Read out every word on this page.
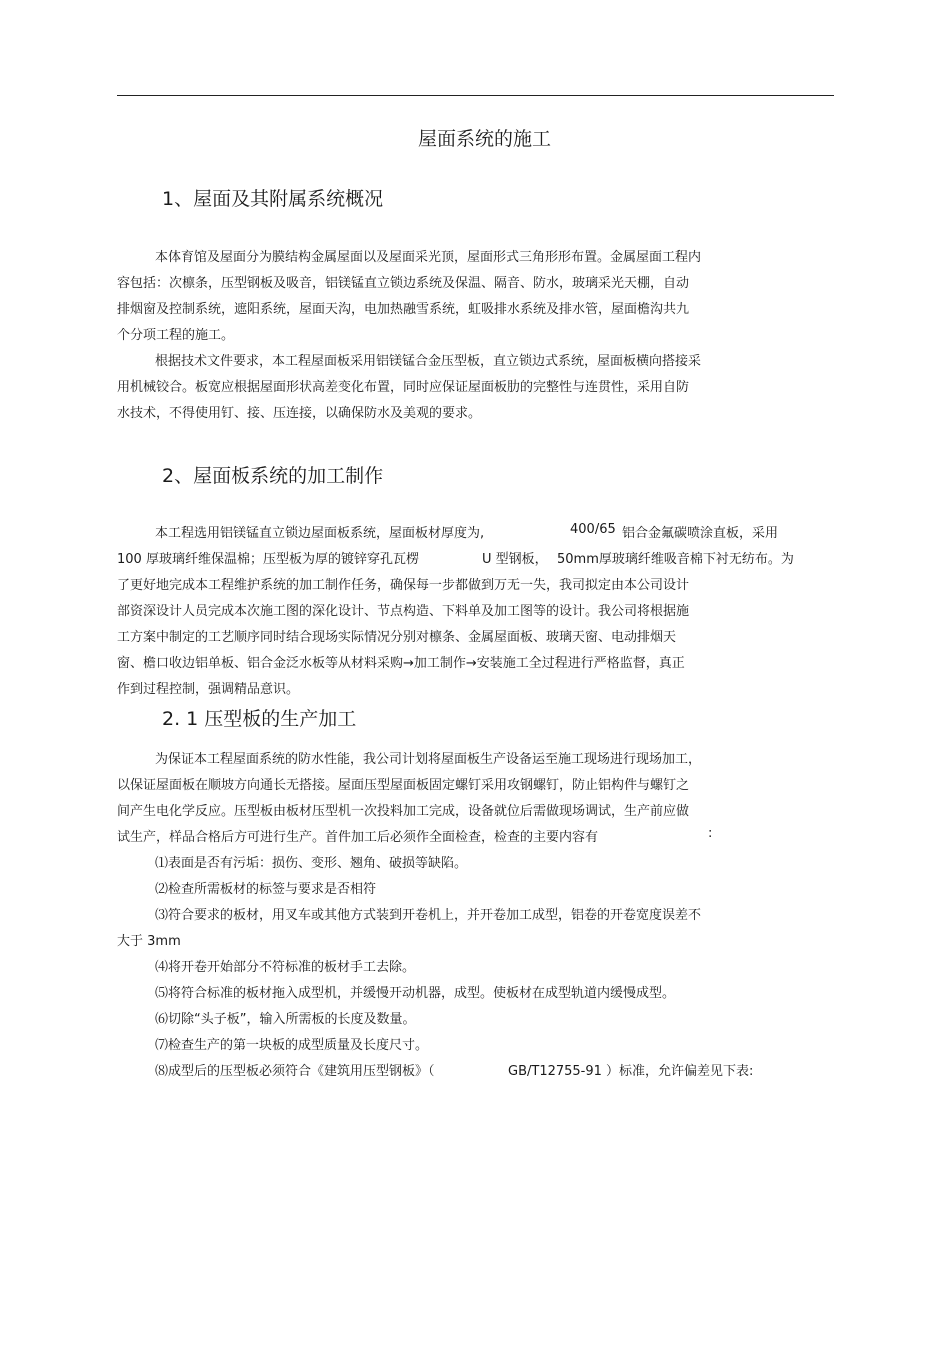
屋面系统的施工
1、屋面及其附属系统概况
本体育馆及屋面分为膜结构金属屋面以及屋面采光顶，屋面形式三角形形布置。金属屋面工程内
容包括：次檩条，压型钢板及吸音，铝镁锰直立锁边系统及保温、隔音、防水，玻璃采光天棚，自动
排烟窗及控制系统，遮阳系统，屋面天沟，电加热融雪系统，虹吸排水系统及排水管，屋面檐沟共九
个分项工程的施工。
根据技术文件要求，本工程屋面板采用铝镁锰合金压型板，直立锁边式系统，屋面板横向搭接采
用机械铰合。板宽应根据屋面形状高差变化布置，同时应保证屋面板肋的完整性与连贯性，采用自防
水技术，不得使用钉、接、压连接，以确保防水及美观的要求。
2、屋面板系统的加工制作
本工程选用铝镁锰直立锁边屋面板系统，屋面板材厚度为,	400/65 铝合金氟碳喷涂直板，采用
100 厚玻璃纤维保温棉；压型板为厚的镀锌穿孔瓦楞	U 型钢板， 50mm厚玻璃纤维吸音棉下衬无纺布。为
了更好地完成本工程维护系统的加工制作任务，确保每一步都做到万无一失，我司拟定由本公司设计
部资深设计人员完成本次施工图的深化设计、节点构造、下料单及加工图等的设计。我公司将根据施
工方案中制定的工艺顺序同时结合现场实际情况分别对檩条、金属屋面板、玻璃天窗、电动排烟天
窗、檐口收边铝单板、铝合金泛水板等从材料采购→加工制作→安装施工全过程进行严格监督，真正
作到过程控制，强调精品意识。
2. 1 压型板的生产加工
为保证本工程屋面系统的防水性能，我公司计划将屋面板生产设备运至施工现场进行现场加工，
以保证屋面板在顺坡方向通长无搭接。屋面压型屋面板固定螺钉采用攻钢螺钉，防止铝构件与螺钉之
间产生电化学反应。压型板由板材压型机一次投料加工完成，设备就位后需做现场调试，生产前应做
试生产，样品合格后方可进行生产。首件加工后必须作全面检查，检查的主要内容有	:
⑴表面是否有污垢：损伤、变形、翘角、破损等缺陷。
⑵检查所需板材的标签与要求是否相符
⑶符合要求的板材，用叉车或其他方式装到开卷机上，并开卷加工成型，铝卷的开卷宽度误差不
大于 3mm
⑷将开卷开始部分不符标准的板材手工去除。
⑸将符合标准的板材拖入成型机，并缓慢开动机器，成型。使板材在成型轨道内缓慢成型。
⑹切除“头子板”，输入所需板的长度及数量。
⑺检查生产的第一块板的成型质量及长度尺寸。
⑻成型后的压型板必须符合《建筑用压型钢板》（	GB/T12755-91 ）标准，允许偏差见下表:
